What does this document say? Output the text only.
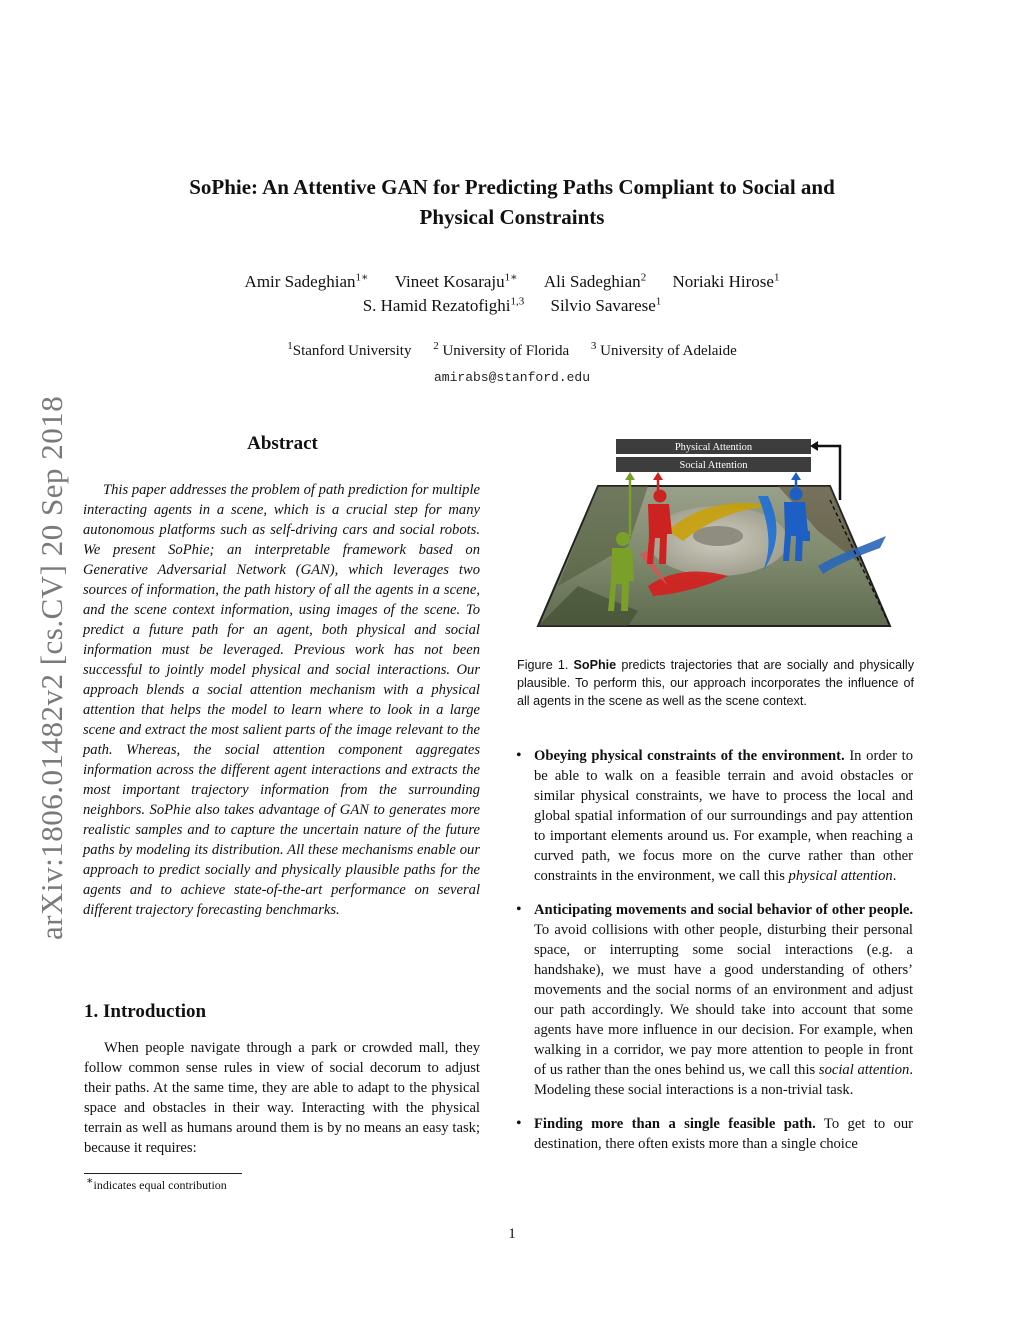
arXiv:1806.01482v2 [cs.CV] 20 Sep 2018
SoPhie: An Attentive GAN for Predicting Paths Compliant to Social and
Physical Constraints
Amir Sadeghian$^{1∗}$ Vineet Kosaraju$^{1∗}$ Ali Sadeghian$^2$ Noriaki Hirose$^1$
S. Hamid Rezatofighi$^{1,3}$ Silvio Savarese$^1$
$^1$Stanford University $^2$ University of Florida $^3$ University of Adelaide
amirabs@stanford.edu
Abstract
This paper addresses the problem of path prediction for multiple interacting agents in a scene, which is a crucial step for many autonomous platforms such as self-driving cars and social robots. We present SoPhie; an interpretable framework based on Generative Adversarial Network (GAN), which leverages two sources of information, the path history of all the agents in a scene, and the scene context information, using images of the scene. To predict a future path for an agent, both physical and social information must be leveraged. Previous work has not been successful to jointly model physical and social interactions. Our approach blends a social attention mechanism with a physical attention that helps the model to learn where to look in a large scene and extract the most salient parts of the image relevant to the path. Whereas, the social attention component aggregates information across the different agent interactions and extracts the most important trajectory information from the surrounding neighbors. SoPhie also takes advantage of GAN to generates more realistic samples and to capture the uncertain nature of the future paths by modeling its distribution. All these mechanisms enable our approach to predict socially and physically plausible paths for the agents and to achieve state-of-the-art performance on several different trajectory forecasting benchmarks.
1. Introduction
When people navigate through a park or crowded mall, they follow common sense rules in view of social decorum to adjust their paths. At the same time, they are able to adapt to the physical space and obstacles in their way. Interacting with the physical terrain as well as humans around them is by no means an easy task; because it requires:
∗indicates equal contribution
Physical Attention
Social Attention
Figure 1. SoPhie predicts trajectories that are socially and physically plausible. To perform this, our approach incorporates the influence of all agents in the scene as well as the scene context.
• Obeying physical constraints of the environment. In order to be able to walk on a feasible terrain and avoid obstacles or similar physical constraints, we have to process the local and global spatial information of our surroundings and pay attention to important elements around us. For example, when reaching a curved path, we focus more on the curve rather than other constraints in the environment, we call this physical attention.
• Anticipating movements and social behavior of other people. To avoid collisions with other people, disturbing their personal space, or interrupting some social interactions (e.g. a handshake), we must have a good understanding of others’ movements and the social norms of an environment and adjust our path accordingly. We should take into account that some agents have more influence in our decision. For example, when walking in a corridor, we pay more attention to people in front of us rather than the ones behind us, we call this social attention. Modeling these social interactions is a non-trivial task.
• Finding more than a single feasible path. To get to our destination, there often exists more than a single choice
1
